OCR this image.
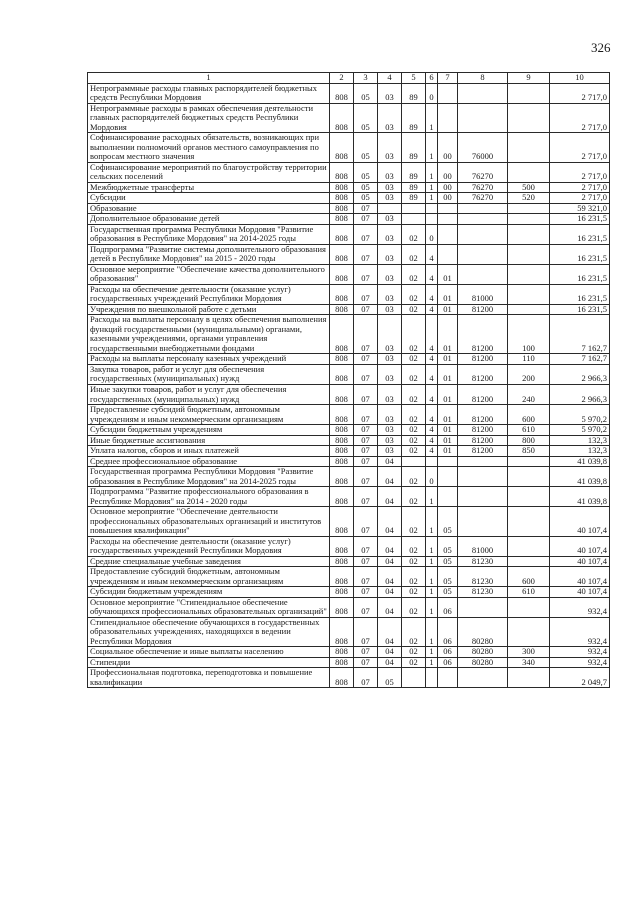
326
1	2	3	4	5	6	7	8	9	10
Непрограммные расходы главных распорядителей бюджетных средств Республики Мордовия	808	05	03	89	0				2 717,0
Непрограммные расходы в рамках обеспечения деятельности главных распорядителей бюджетных средств Республики Мордовия	808	05	03	89	1				2 717,0
Софинансирование расходных обязательств, возникающих при выполнении полномочий органов местного самоуправления по вопросам местного значения	808	05	03	89	1	00	76000		2 717,0
Софинансирование мероприятий по благоустройству территории сельских поселений	808	05	03	89	1	00	76270		2 717,0
Межбюджетные трансферты	808	05	03	89	1	00	76270	500	2 717,0
Субсидии	808	05	03	89	1	00	76270	520	2 717,0
Образование	808	07							59 321,0
Дополнительное образование детей	808	07	03						16 231,5
Государственная программа Республики Мордовия "Развитие образования в Республике Мордовия" на 2014-2025 годы	808	07	03	02	0				16 231,5
Подпрограмма "Развитие системы дополнительного образования детей в Республике Мордовия" на 2015 - 2020 годы	808	07	03	02	4				16 231,5
Основное мероприятие "Обеспечение качества дополнительного образования"	808	07	03	02	4	01			16 231,5
Расходы на обеспечение деятельности (оказание услуг) государственных учреждений Республики Мордовия	808	07	03	02	4	01	81000		16 231,5
Учреждения по внешкольной работе с детьми	808	07	03	02	4	01	81200		16 231,5
Расходы на выплаты персоналу в целях обеспечения выполнения функций государственными (муниципальными) органами, казенными учреждениями, органами управления государственными внебюджетными фондами	808	07	03	02	4	01	81200	100	7 162,7
Расходы на выплаты персоналу казенных учреждений	808	07	03	02	4	01	81200	110	7 162,7
Закупка товаров, работ и услуг для обеспечения государственных (муниципальных) нужд	808	07	03	02	4	01	81200	200	2 966,3
Иные закупки товаров, работ и услуг для обеспечения государственных (муниципальных) нужд	808	07	03	02	4	01	81200	240	2 966,3
Предоставление субсидий бюджетным, автономным учреждениям и иным некоммерческим организациям	808	07	03	02	4	01	81200	600	5 970,2
Субсидии бюджетным учреждениям	808	07	03	02	4	01	81200	610	5 970,2
Иные бюджетные ассигнования	808	07	03	02	4	01	81200	800	132,3
Уплата налогов, сборов и иных платежей	808	07	03	02	4	01	81200	850	132,3
Среднее профессиональное образование	808	07	04						41 039,8
Государственная программа Республики Мордовия "Развитие образования в Республике Мордовия" на 2014-2025 годы	808	07	04	02	0				41 039,8
Подпрограмма "Развитие профессионального образования в Республике Мордовия" на 2014 - 2020 годы	808	07	04	02	1				41 039,8
Основное мероприятие "Обеспечение деятельности профессиональных образовательных организаций и институтов повышения квалификации"	808	07	04	02	1	05			40 107,4
Расходы на обеспечение деятельности (оказание услуг) государственных учреждений Республики Мордовия	808	07	04	02	1	05	81000		40 107,4
Средние специальные учебные заведения	808	07	04	02	1	05	81230		40 107,4
Предоставление субсидий бюджетным, автономным учреждениям и иным некоммерческим организациям	808	07	04	02	1	05	81230	600	40 107,4
Субсидии бюджетным учреждениям	808	07	04	02	1	05	81230	610	40 107,4
Основное мероприятие "Стипендиальное обеспечение обучающихся профессиональных образовательных организаций"	808	07	04	02	1	06			932,4
Стипендиальное обеспечение обучающихся в государственных образовательных учреждениях, находящихся в ведении Республики Мордовия	808	07	04	02	1	06	80280		932,4
Социальное обеспечение и иные выплаты населению	808	07	04	02	1	06	80280	300	932,4
Стипендии	808	07	04	02	1	06	80280	340	932,4
Профессиональная подготовка, переподготовка и повышение квалификации	808	07	05						2 049,7
